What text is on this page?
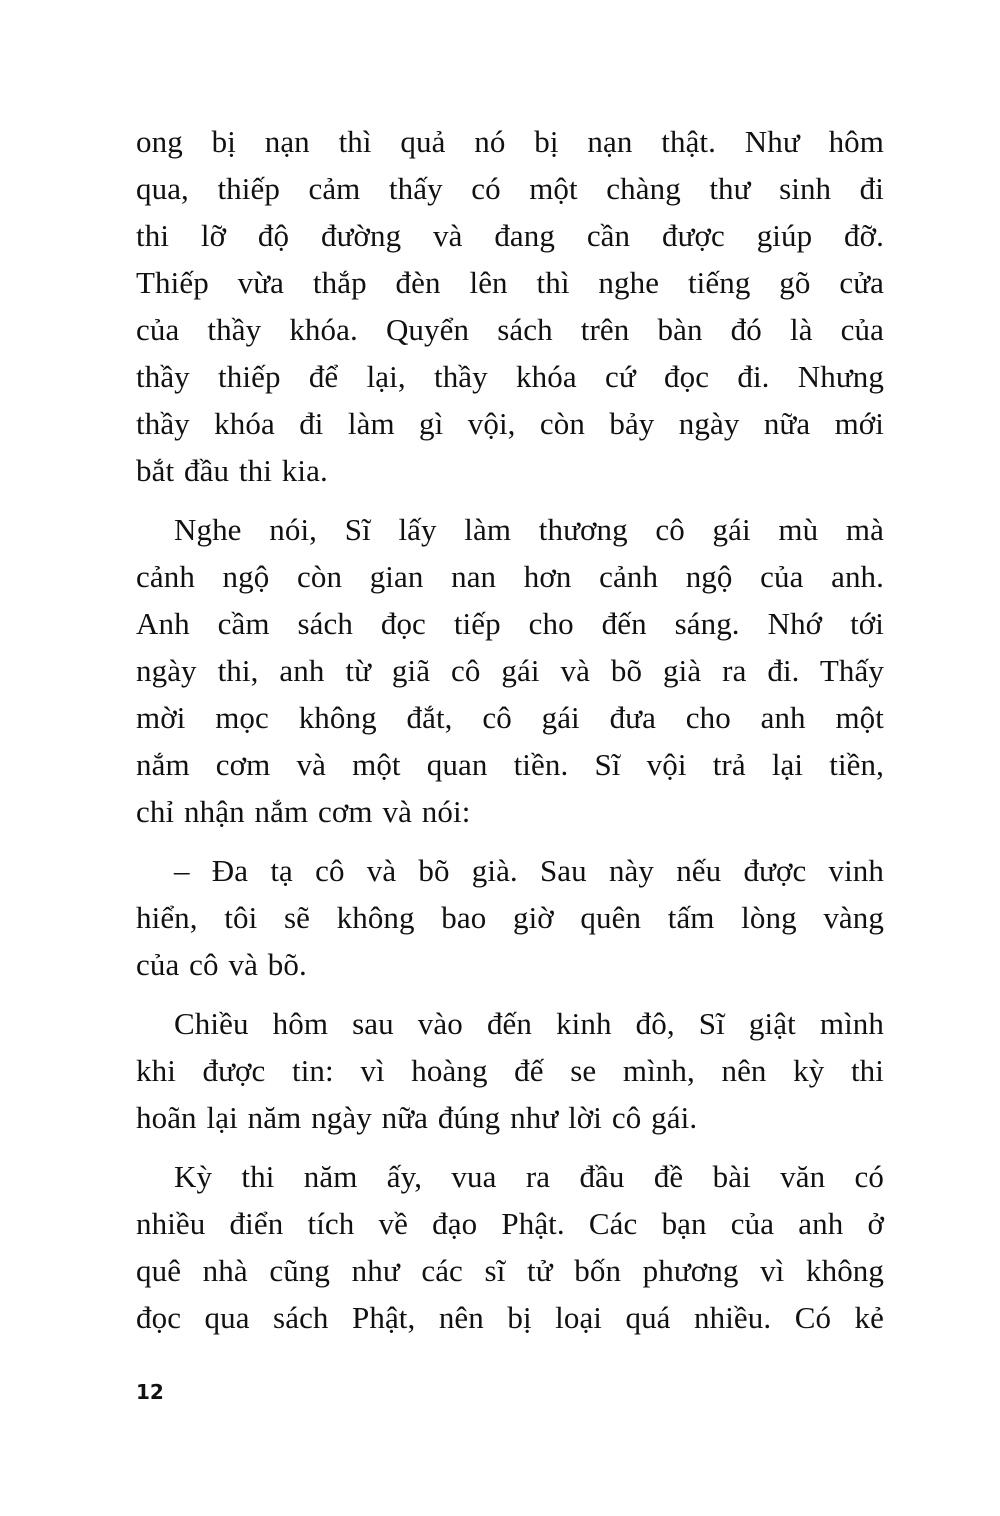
ong bị nạn thì quả nó bị nạn thật. Như hôm
qua, thiếp cảm thấy có một chàng thư sinh đi
thi lỡ độ đường và đang cần được giúp đỡ.
Thiếp vừa thắp đèn lên thì nghe tiếng gõ cửa
của thầy khóa. Quyển sách trên bàn đó là của
thầy thiếp để lại, thầy khóa cứ đọc đi. Nhưng
thầy khóa đi làm gì vội, còn bảy ngày nữa mới
bắt đầu thi kia.

Nghe nói, Sĩ lấy làm thương cô gái mù mà
cảnh ngộ còn gian nan hơn cảnh ngộ của anh.
Anh cầm sách đọc tiếp cho đến sáng. Nhớ tới
ngày thi, anh từ giã cô gái và bõ già ra đi. Thấy
mời mọc không đắt, cô gái đưa cho anh một
nắm cơm và một quan tiền. Sĩ vội trả lại tiền,
chỉ nhận nắm cơm và nói:

– Đa tạ cô và bõ già. Sau này nếu được vinh
hiển, tôi sẽ không bao giờ quên tấm lòng vàng
của cô và bõ.

Chiều hôm sau vào đến kinh đô, Sĩ giật mình
khi được tin: vì hoàng đế se mình, nên kỳ thi
hoãn lại năm ngày nữa đúng như lời cô gái.

Kỳ thi năm ấy, vua ra đầu đề bài văn có
nhiều điển tích về đạo Phật. Các bạn của anh ở
quê nhà cũng như các sĩ tử bốn phương vì không
đọc qua sách Phật, nên bị loại quá nhiều. Có kẻ

12
